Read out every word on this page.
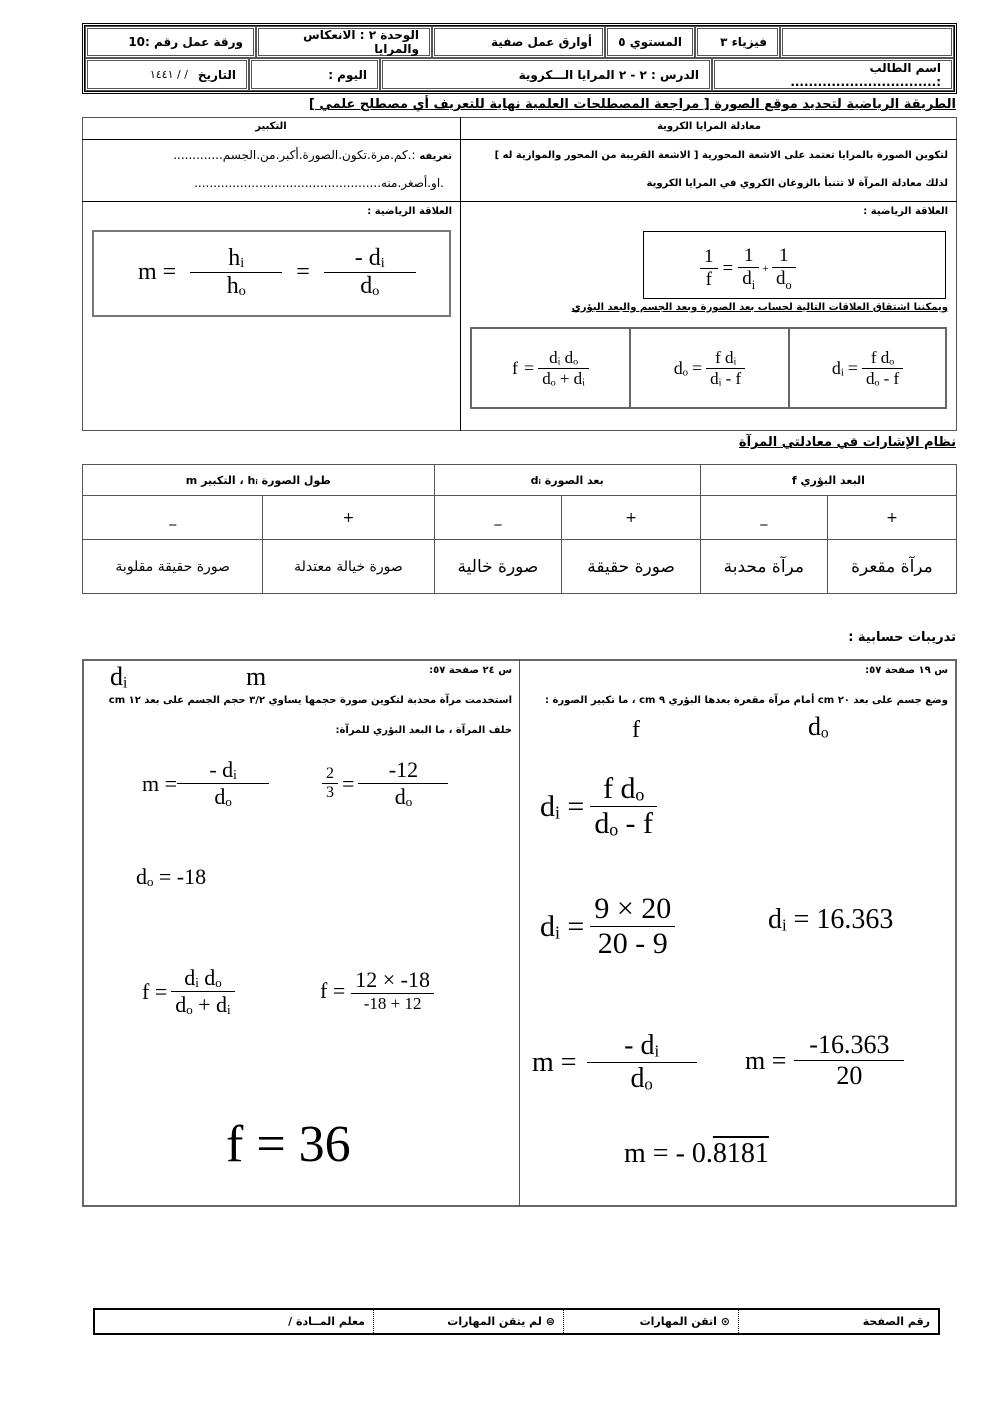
فيزياء ٣
المستوي ٥
أوارق عمل صفية
الوحدة ٢ : الانعكاس والمرايا
ورقة عمل رقم :10
اسم الطالب :................................
الدرس : ٢ - ٢ المرايا الـــكروية
اليوم :
التاريخ
/ / ١٤٤١
الطريقة الرياضية لتحديد موقع الصورة [ مراجعة المصطلحات العلمية نهاية للتعريف أي مصطلح علمي ]
معادلة المرايا الكروية
لتكوين الصورة بالمرايا تعتمد على الاشعة المحورية [ الاشعة القريبة من المحور والموازية له ]
لذلك معادلة المرآة لا تتنبأ بالزوغان الكروي في المرايا الكروية
العلاقة الرياضية :
$\frac{1}{f} = \frac{1}{d_i} + \frac{1}{d_o}$
ويمكننا اشتقاق العلاقات التالية لحساب بعد الصورة وبعد الجسم والبعد البؤري
$f = \frac{\text{dᵢ dₒ}}{\text{dₒ + dᵢ}}$	$d_o = \frac{\text{f dᵢ}}{\text{dᵢ - f}}$	dᵢ = $\frac{\text{f dₒ}}{\text{dₒ - f}}$
التكبير
تعريفه :.كم.مرة.تكون.الصورة.أكبر.من.الجسم.............
.او.أصغر.منه.................................................
العلاقة الرياضية :
$m = \frac{\text{hᵢ}}{\text{hₒ}} = \frac{\text{- dᵢ}}{\text{dₒ}}$
نظام الإشارات في معادلتي المرآة
البعد البؤري f		بعد الصورة dᵢ		طول الصورة hᵢ ، التكبير m	
+	_	+	_	+	_
مرآة مقعرة	مرآة محدبة	صورة حقيقة	صورة خالية	صورة خيالة معتدلة	صورة حقيقة مقلوبة
تدريبات حسابية :
س ١٩ صفحة ٥٧:
وضع جسم على بعد ٢٠ cm أمام مرآة مقعرة بعدها البؤري ٩ cm ، ما تكبير الصورة :
f	dₒ
dᵢ = $\frac{\text{f dₒ}}{\text{dₒ - f}}$
dᵢ = $\frac{9 \times 20}{20 - 9}$	dᵢ = 16.363
$m = \frac{\text{- dᵢ}}{\text{dₒ}}$ $m = \frac{-16.363}{20}$
m = - 0.8181
س ٢٤ صفحة ٥٧:
استخدمت مرآة محدبة لتكوين صورة حجمها يساوي ٣/٢ حجم الجسم على بعد ١٢ cm
خلف المرآة ، ما البعد البؤري للمرآة:
dᵢ	m
$m = \frac{\text{- dᵢ}}{\text{dₒ}}$	$\frac{2}{3} = \frac{-12}{\text{dₒ}}$
dₒ = -18
$f = \frac{\text{dᵢ dₒ}}{\text{dₒ + dᵢ}}$	$f = \frac{12 \times -18}{-18 + 12}$
f = 36
رقم الصفحة
⊙ اتقن المهارات
⊜ لم يتقن المهارات
معلم المــادة /
